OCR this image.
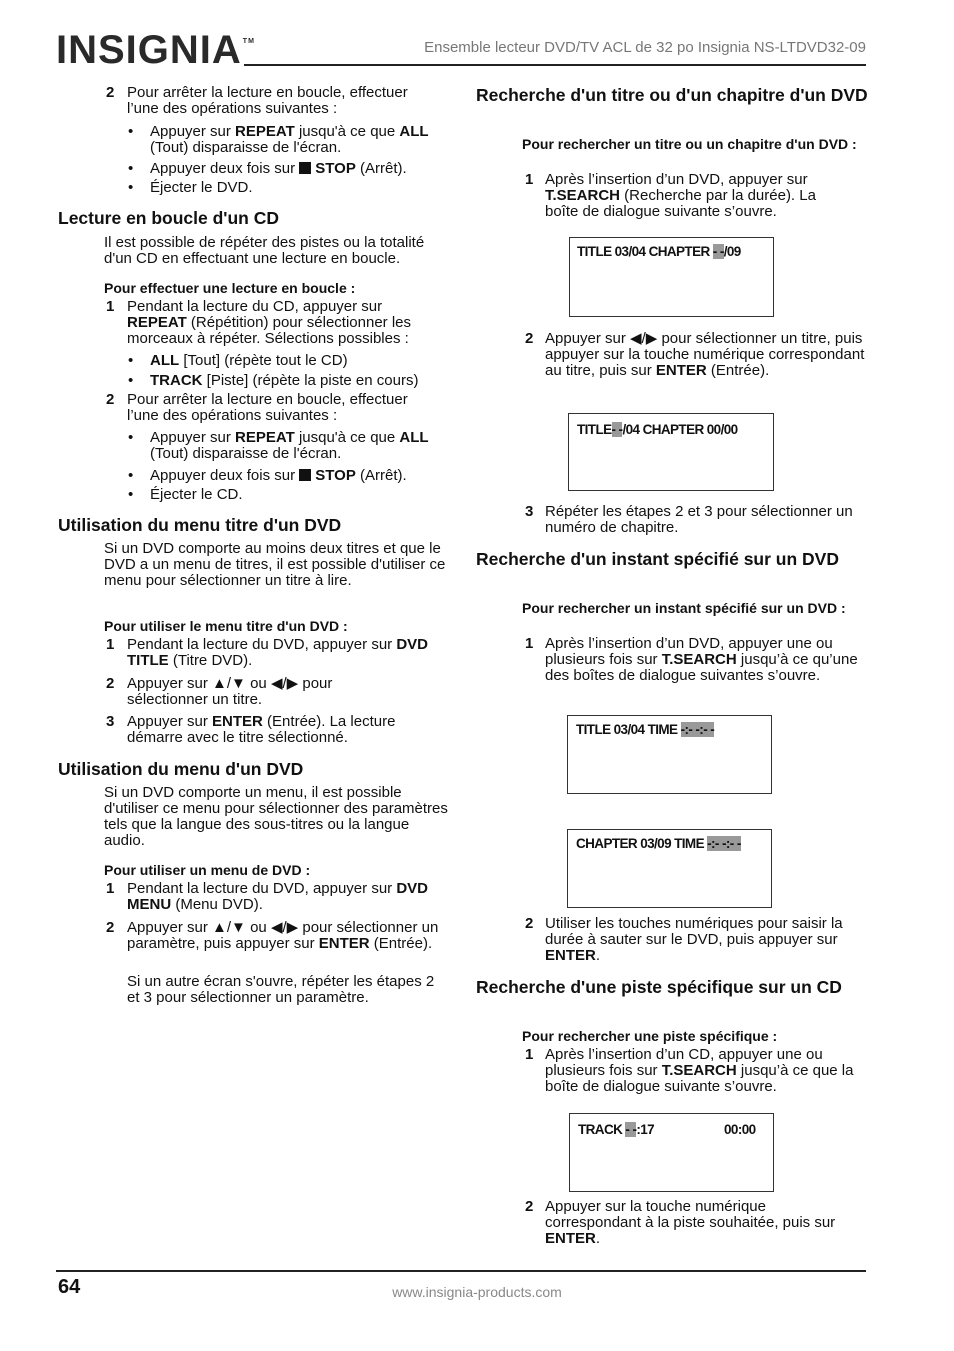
INSIGNIA™	Ensemble lecteur DVD/TV ACL de 32 po Insignia NS-LTDVD32-09
2 Pour arrêter la lecture en boucle, effectuer l’une des opérations suivantes :
• Appuyer sur REPEAT jusqu'à ce que ALL (Tout) disparaisse de l'écran.
• Appuyer deux fois sur STOP (Arrêt).
• Éjecter le DVD.
Lecture en boucle d'un CD
Il est possible de répéter des pistes ou la totalité d'un CD en effectuant une lecture en boucle.
Pour effectuer une lecture en boucle :
1 Pendant la lecture du CD, appuyer sur REPEAT (Répétition) pour sélectionner les morceaux à répéter. Sélections possibles :
• ALL [Tout] (répète tout le CD)
• TRACK [Piste] (répète la piste en cours)
2 Pour arrêter la lecture en boucle, effectuer l’une des opérations suivantes :
• Appuyer sur REPEAT jusqu'à ce que ALL (Tout) disparaisse de l'écran.
• Appuyer deux fois sur STOP (Arrêt).
• Éjecter le CD.
Utilisation du menu titre d'un DVD
Si un DVD comporte au moins deux titres et que le DVD a un menu de titres, il est possible d'utiliser ce menu pour sélectionner un titre à lire.
Pour utiliser le menu titre d'un DVD :
1 Pendant la lecture du DVD, appuyer sur DVD TITLE (Titre DVD).
2 Appuyer sur ▲/▼ ou ◀/▶ pour sélectionner un titre.
3 Appuyer sur ENTER (Entrée). La lecture démarre avec le titre sélectionné.
Utilisation du menu d'un DVD
Si un DVD comporte un menu, il est possible d'utiliser ce menu pour sélectionner des paramètres tels que la langue des sous-titres ou la langue audio.
Pour utiliser un menu de DVD :
1 Pendant la lecture du DVD, appuyer sur DVD MENU (Menu DVD).
2 Appuyer sur ▲/▼ ou ◀/▶ pour sélectionner un paramètre, puis appuyer sur ENTER (Entrée).
Si un autre écran s'ouvre, répéter les étapes 2 et 3 pour sélectionner un paramètre.
Recherche d'un titre ou d'un chapitre d'un DVD
Pour rechercher un titre ou un chapitre d'un DVD :
1 Après l’insertion d’un DVD, appuyer sur T.SEARCH (Recherche par la durée). La boîte de dialogue suivante s’ouvre.
TITLE 03/04 CHAPTER - -/09
2 Appuyer sur ◀/▶ pour sélectionner un titre, puis appuyer sur la touche numérique correspondant au titre, puis sur ENTER (Entrée).
TITLE- -/04 CHAPTER 00/00
3 Répéter les étapes 2 et 3 pour sélectionner un numéro de chapitre.
Recherche d'un instant spécifié sur un DVD
Pour rechercher un instant spécifié sur un DVD :
1 Après l’insertion d’un DVD, appuyer une ou plusieurs fois sur T.SEARCH jusqu’à ce qu’une des boîtes de dialogue suivantes s’ouvre.
TITLE 03/04 TIME -:- -:- -
CHAPTER 03/09 TIME -:- -:- -
2 Utiliser les touches numériques pour saisir la durée à sauter sur le DVD, puis appuyer sur ENTER.
Recherche d'une piste spécifique sur un CD
Pour rechercher une piste spécifique :
1 Après l’insertion d’un CD, appuyer une ou plusieurs fois sur T.SEARCH jusqu’à ce que la boîte de dialogue suivante s’ouvre.
TRACK - -:17	00:00
2 Appuyer sur la touche numérique correspondant à la piste souhaitée, puis sur ENTER.
64	www.insignia-products.com
